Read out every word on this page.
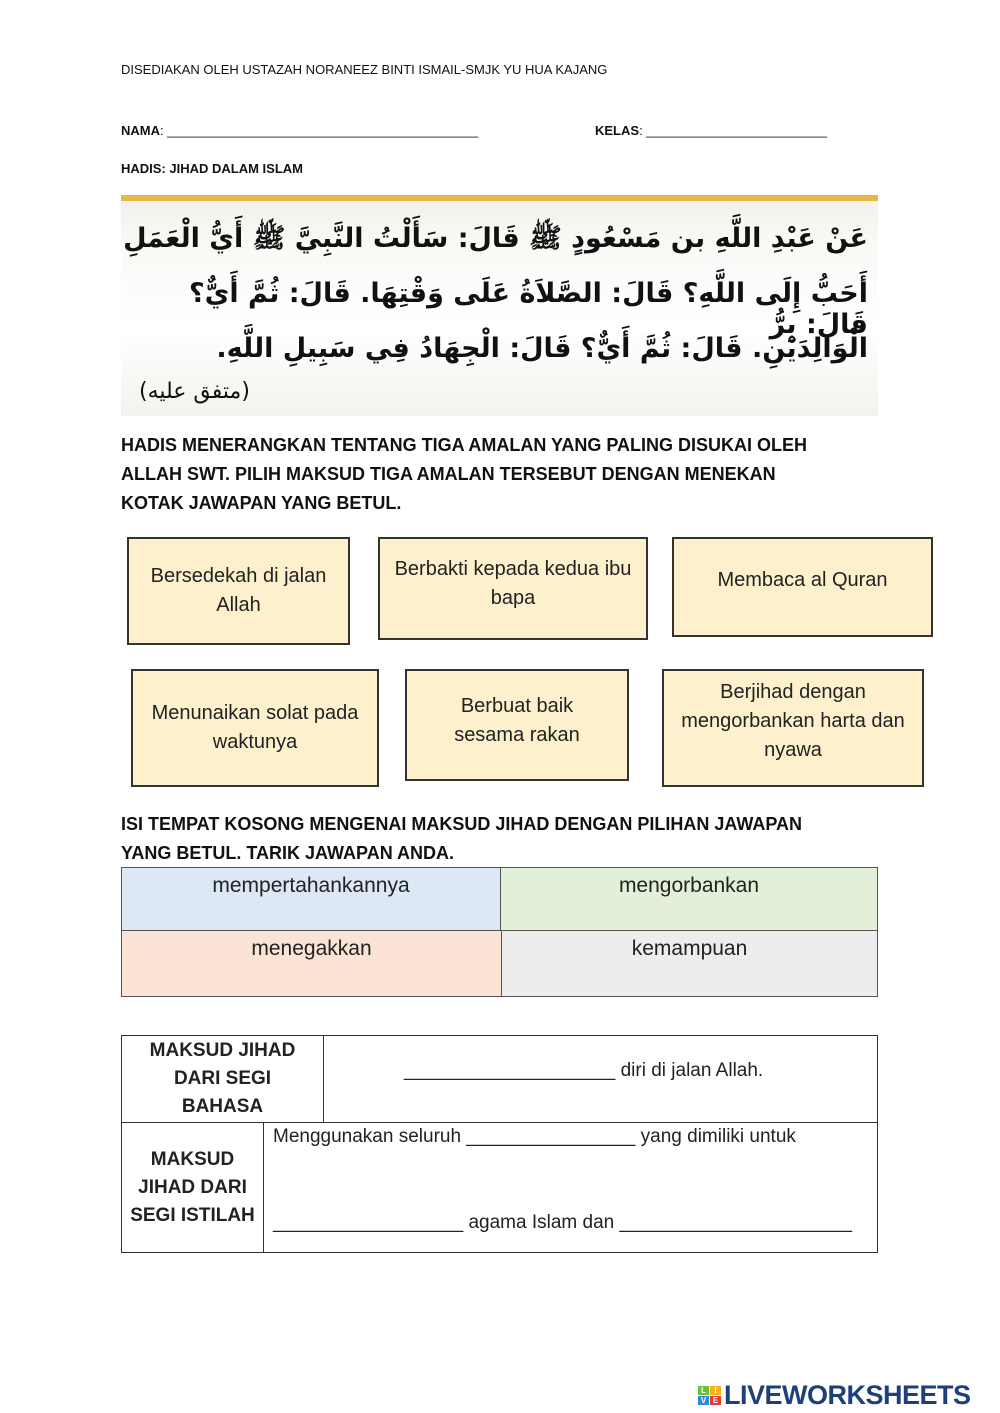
DISEDIAKAN OLEH USTAZAH NORANEEZ BINTI ISMAIL-SMJK YU HUA KAJANG
NAMA: ___________________________________________	KELAS: _________________________
HADIS: JIHAD DALAM ISLAM
عَنْ عَبْدِ اللَّهِ بن مَسْعُودٍ ﷺ قَالَ: سَأَلْتُ النَّبِيَّ ﷺ أَيُّ الْعَمَلِ
أَحَبُّ إِلَى اللَّهِ؟ قَالَ: الصَّلاَةُ عَلَى وَقْتِهَا. قَالَ: ثُمَّ أَيٌّ؟ قَالَ: بِرُّ
الْوَالِدَيْنِ. قَالَ: ثُمَّ أَيٌّ؟ قَالَ: الْجِهَادُ فِي سَبِيلِ اللَّهِ.
(متفق عليه)
HADIS MENERANGKAN TENTANG TIGA AMALAN YANG PALING DISUKAI OLEH
ALLAH SWT. PILIH MAKSUD TIGA AMALAN TERSEBUT DENGAN MENEKAN
KOTAK JAWAPAN YANG BETUL.
Bersedekah di jalan Allah
Berbakti kepada kedua ibu bapa
Membaca al Quran
Menunaikan solat pada waktunya
Berbuat baik sesama rakan
Berjihad dengan mengorbankan harta dan nyawa
ISI TEMPAT KOSONG MENGENAI MAKSUD JIHAD DENGAN PILIHAN JAWAPAN
YANG BETUL. TARIK JAWAPAN ANDA.
mempertahankannya	mengorbankan
menegakkan	kemampuan
MAKSUD JIHAD DARI SEGI BAHASA
____________________ diri di jalan Allah.
MAKSUD JIHAD DARI SEGI ISTILAH
Menggunakan seluruh ________________ yang dimiliki untuk
__________________ agama Islam dan ______________________
L	I
V E LIVEWORKSHEETS
